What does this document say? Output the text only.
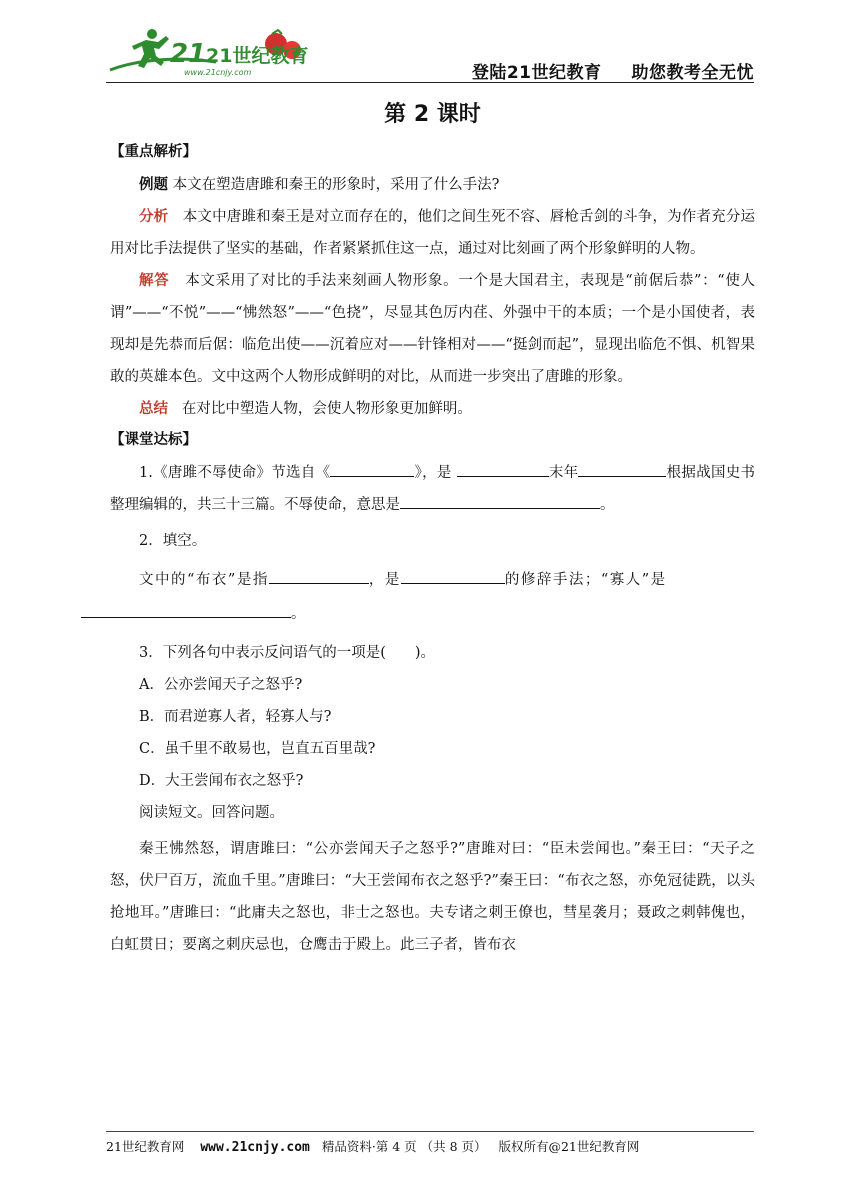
21 21世纪教育
www.21cnjy.com	登陆21世纪教育 助您教考全无忧
第 2 课时
【重点解析】

例题 本文在塑造唐雎和秦王的形象时，采用了什么手法?

分析 本文中唐雎和秦王是对立而存在的，他们之间生死不容、唇枪舌剑的斗争，为作者充分运用对比手法提供了坚实的基础，作者紧紧抓住这一点，通过对比刻画了两个形象鲜明的人物。

解答 本文采用了对比的手法来刻画人物形象。一个是大国君主，表现是“前倨后恭”：“使人谓”——“不悦”——“怫然怒”——“色挠”，尽显其色厉内荏、外强中干的本质；一个是小国使者，表现却是先恭而后倨：临危出使——沉着应对——针锋相对——“挺剑而起”，显现出临危不惧、机智果敢的英雄本色。文中这两个人物形成鲜明的对比，从而进一步突出了唐雎的形象。

总结 在对比中塑造人物，会使人物形象更加鲜明。

【课堂达标】

1.《唐雎不辱使命》节选自《	》，是	末年	根据战国史书整理编辑的，共三十三篇。不辱使命，意思是	。

2．填空。

文中的“布衣”是指	，是	的修辞手法；“寡人”是
。

3．下列各句中表示反问语气的一项是(　　)。

A．公亦尝闻天子之怒乎?

B．而君逆寡人者，轻寡人与?

C．虽千里不敢易也，岂直五百里哉?

D．大王尝闻布衣之怒乎?

阅读短文。回答问题。

秦王怫然怒，谓唐雎曰：“公亦尝闻天子之怒乎?”唐雎对曰：“臣未尝闻也。”秦王曰：“天子之怒，伏尸百万，流血千里。”唐雎曰：“大王尝闻布衣之怒乎?”秦王曰：“布衣之怒，亦免冠徒跣，以头抢地耳。”唐雎曰：“此庸夫之怒也，非士之怒也。夫专诸之刺王僚也，彗星袭月；聂政之刺韩傀也，白虹贯日；要离之刺庆忌也，仓鹰击于殿上。此三子者，皆布衣

21世纪教育网 www.21cnjy.com 精品资料·第 4 页 （共 8 页） 版权所有@21世纪教育网
